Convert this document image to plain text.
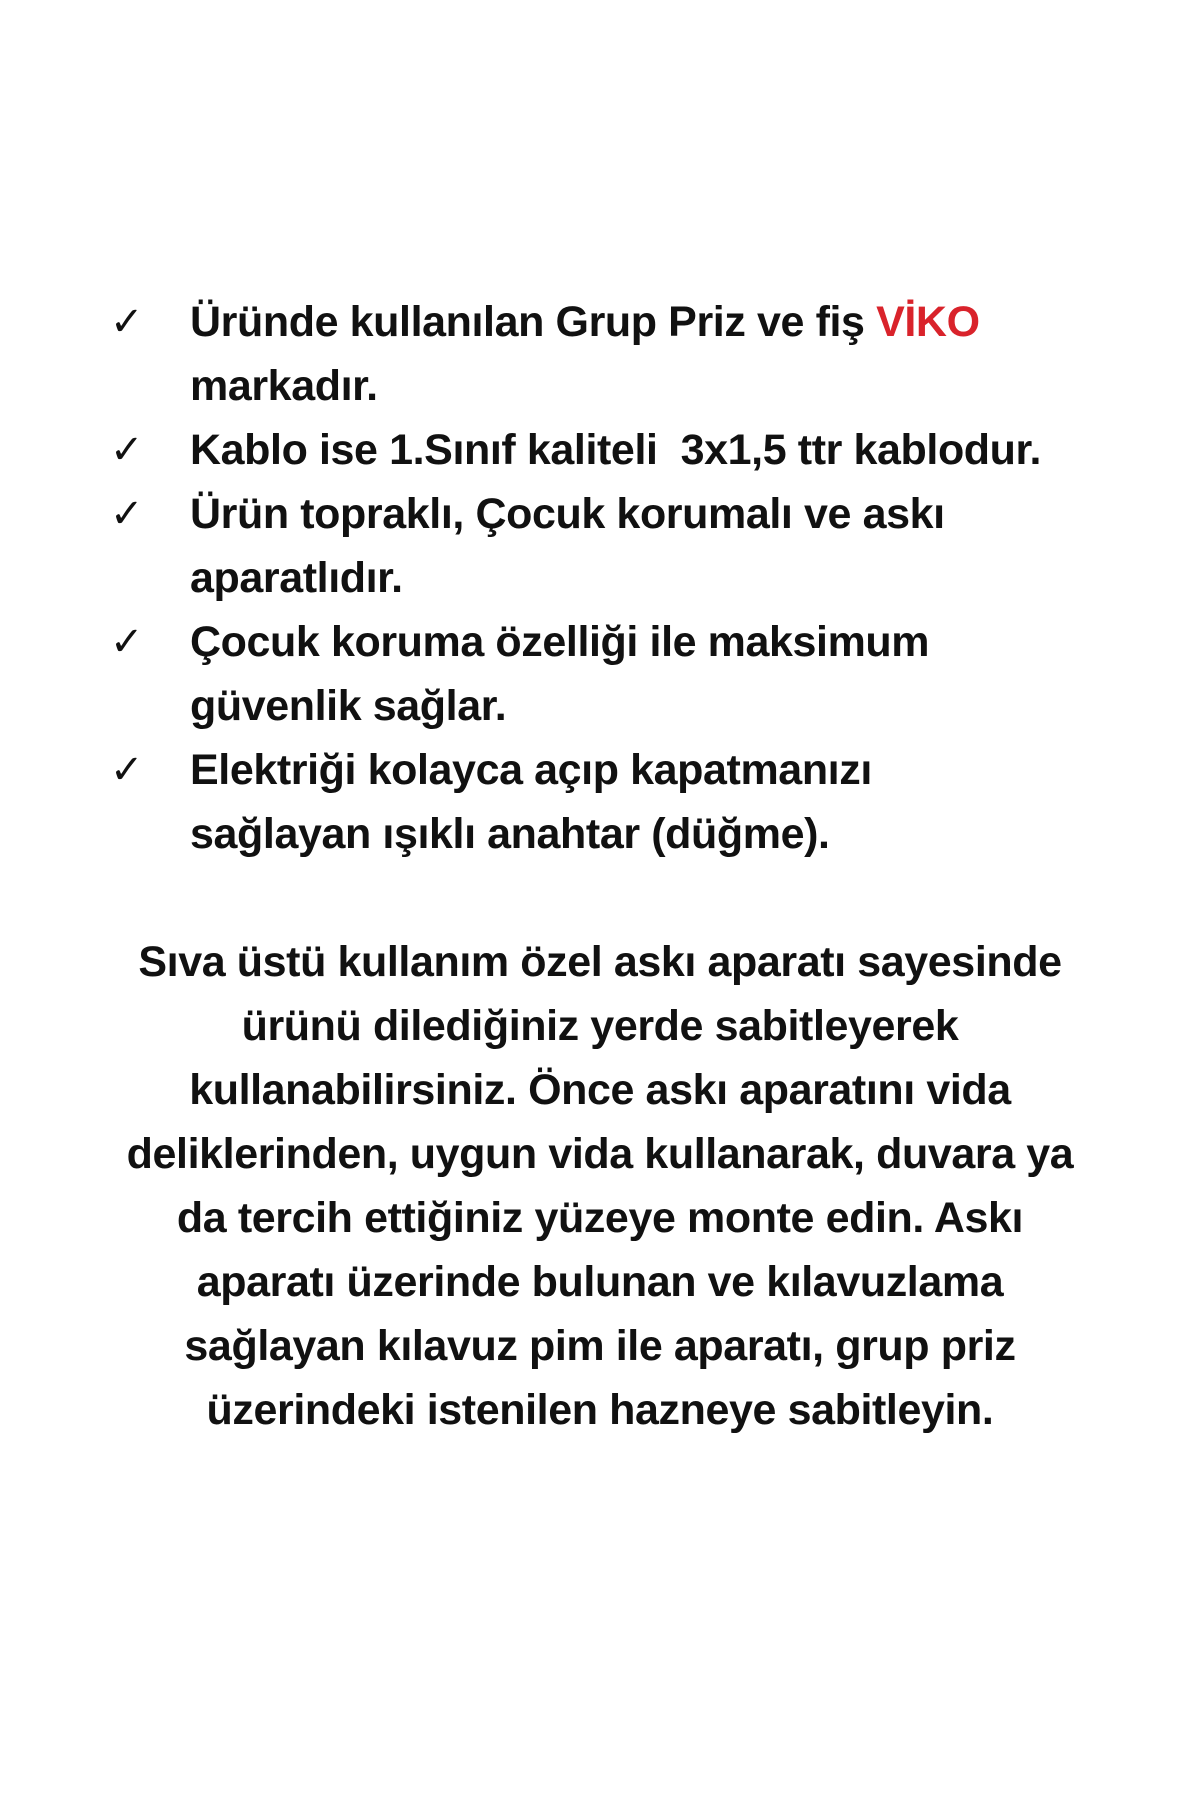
✓	Üründe kullanılan Grup Priz ve fiş VİKO
markadır.
✓	Kablo ise 1.Sınıf kaliteli  3x1,5 ttr kablodur.
✓	Ürün topraklı, Çocuk korumalı ve askı
aparatlıdır.
✓	Çocuk koruma özelliği ile maksimum
güvenlik sağlar.
✓	Elektriği kolayca açıp kapatmanızı
sağlayan ışıklı anahtar (düğme).

Sıva üstü kullanım özel askı aparatı sayesinde
ürünü dilediğiniz yerde sabitleyerek
kullanabilirsiniz. Önce askı aparatını vida
deliklerinden, uygun vida kullanarak, duvara ya
da tercih ettiğiniz yüzeye monte edin. Askı
aparatı üzerinde bulunan ve kılavuzlama
sağlayan kılavuz pim ile aparatı, grup priz
üzerindeki istenilen hazneye sabitleyin.
